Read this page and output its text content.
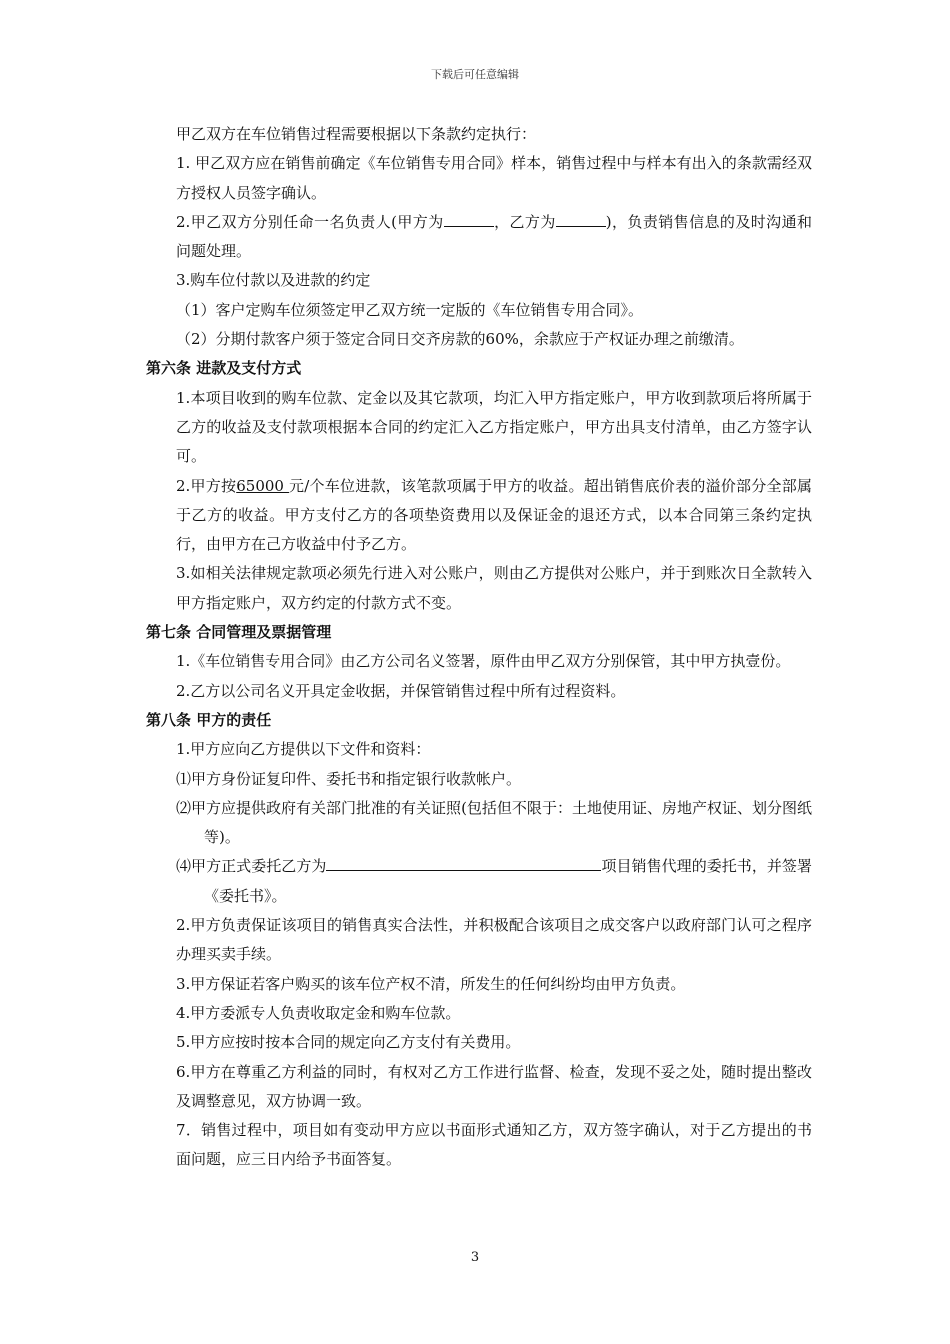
下载后可任意编辑

甲乙双方在车位销售过程需要根据以下条款约定执行：

1. 甲乙双方应在销售前确定《车位销售专用合同》样本，销售过程中与样本有出入的条款需经双方授权人员签字确认。

2.甲乙双方分别任命一名负责人(甲方为	，乙方为	)，负责销售信息的及时沟通和问题处理。

3.购车位付款以及进款的约定

（1）客户定购车位须签定甲乙双方统一定版的《车位销售专用合同》。

（2）分期付款客户须于签定合同日交齐房款的60%，余款应于产权证办理之前缴清。

第六条 进款及支付方式

1.本项目收到的购车位款、定金以及其它款项，均汇入甲方指定账户，甲方收到款项后将所属于乙方的收益及支付款项根据本合同的约定汇入乙方指定账户，甲方出具支付清单，由乙方签字认可。

2.甲方按65000 元/个车位进款，该笔款项属于甲方的收益。超出销售底价表的溢价部分全部属于乙方的收益。甲方支付乙方的各项垫资费用以及保证金的退还方式，以本合同第三条约定执行，由甲方在己方收益中付予乙方。

3.如相关法律规定款项必须先行进入对公账户，则由乙方提供对公账户，并于到账次日全款转入甲方指定账户，双方约定的付款方式不变。

第七条 合同管理及票据管理

1.《车位销售专用合同》由乙方公司名义签署，原件由甲乙双方分别保管，其中甲方执壹份。

2.乙方以公司名义开具定金收据，并保管销售过程中所有过程资料。

第八条 甲方的责任

1.甲方应向乙方提供以下文件和资料：

⑴甲方身份证复印件、委托书和指定银行收款帐户。

⑵甲方应提供政府有关部门批准的有关证照(包括但不限于：土地使用证、房地产权证、划分图纸等)。

⑷甲方正式委托乙方为	项目销售代理的委托书，并签署《委托书》。

2.甲方负责保证该项目的销售真实合法性，并积极配合该项目之成交客户以政府部门认可之程序办理买卖手续。

3.甲方保证若客户购买的该车位产权不清，所发生的任何纠纷均由甲方负责。

4.甲方委派专人负责收取定金和购车位款。

5.甲方应按时按本合同的规定向乙方支付有关费用。

6.甲方在尊重乙方利益的同时，有权对乙方工作进行监督、检查，发现不妥之处，随时提出整改及调整意见，双方协调一致。

7．销售过程中，项目如有变动甲方应以书面形式通知乙方，双方签字确认，对于乙方提出的书面问题，应三日内给予书面答复。

3
